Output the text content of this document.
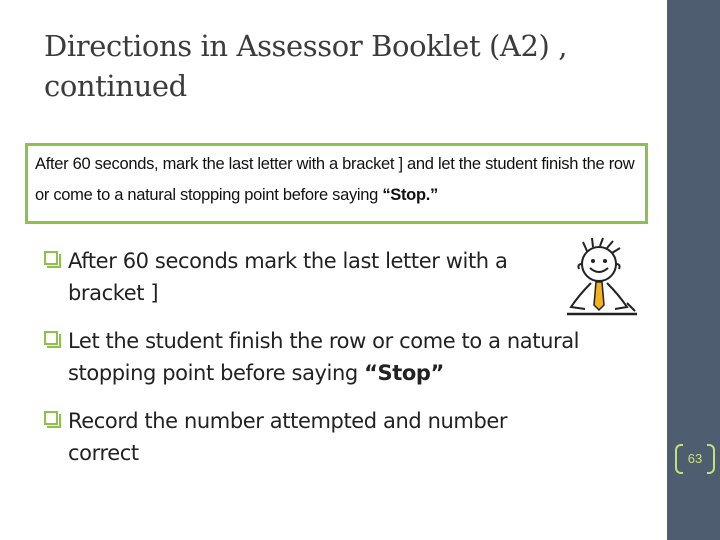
Directions in Assessor Booklet (A2) ,
continued
After 60 seconds, mark the last letter with a bracket ] and let the student finish the row
or come to a natural stopping point before saying “Stop.”
After 60 seconds mark the last letter with a
bracket ]
Let the student finish the row or come to a natural
stopping point before saying “Stop”
Record the number attempted and number
correct	63
